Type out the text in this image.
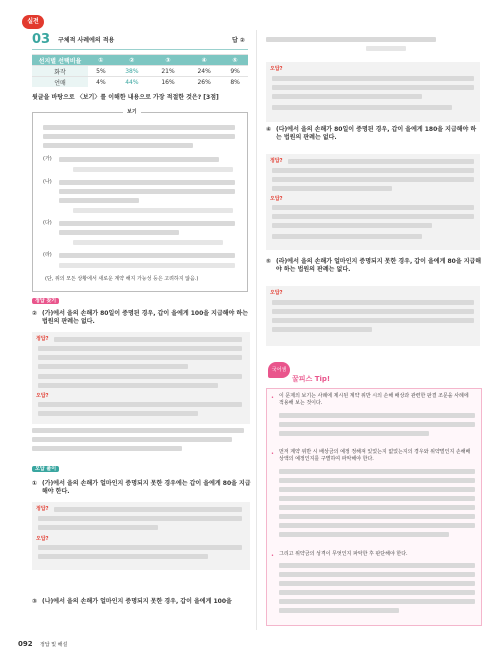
실전
03 구체적 사례에의 적용	답 ②
선지별 선택비율	①	②	③	④	⑤
화작	5%	38%	21%	24%	9%
언매	4%	44%	16%	26%	8%
윗글을 바탕으로 〈보기〉를 이해한 내용으로 가장 적절한 것은? [3점]
보기
(가)
(나)
(다)
(라)
(단, 위의 모든 상황에서 새로운 계약 해지 가능성 등은 고려하지 않음.)
정답 찾기
② (가)에서 을의 손해가 80일이 증명된 경우, 갑이 을에게 100을 지급해야 하는 법원의 판례는 없다.
정답?
오답?
오답 풀이
① (가)에서 을의 손해가 얼마인지 증명되지 못한 경우에는 갑이 을에게 80을 지급해야 한다.
정답?
오답?
③ (나)에서 을의 손해가 얼마인지 증명되지 못한 경우, 갑이 을에게 100을
092 정답 및 해설
오답?
④ (다)에서 을의 손해가 80일이 증명된 경우, 갑이 을에게 180을 지급해야 하는 법원의 판례는 없다.
정답?
오답?
⑤ (라)에서 을의 손해가 얼마인지 증명되지 못한 경우, 갑이 을에게 80을 지급해야 하는 법원의 판례는 없다.
오답?
국어샘
꿀피스 Tip!
• 이 문제의 보기는 사례에 제시된 계약 위반 시의 손해 배상과 관련한 판결 조문을 사례에 적용해 보는 것이다.
• 먼저 계약 위반 시 배상금의 예정 정해져 있었는지 없었는지의 경우와 위약벌인지 손해배상액의 예정인지를 구별하여 파악해야 한다.
• 그리고 위약금의 성격이 무엇인지 파악한 후 판단해야 한다.
